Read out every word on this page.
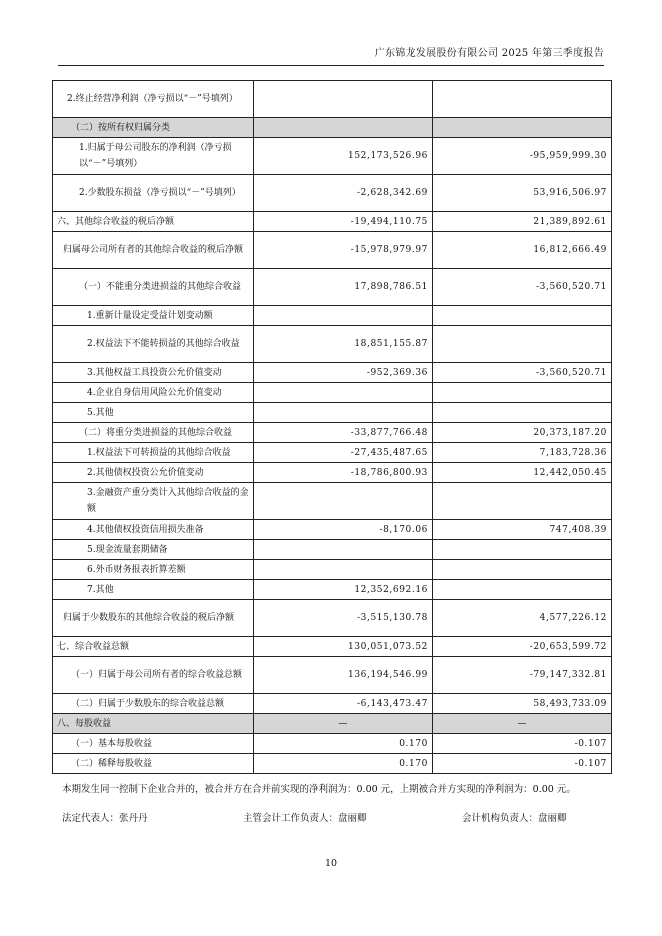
广东锦龙发展股份有限公司 2025 年第三季度报告
2.终止经营净利润（净亏损以“－”号填列）		
（二）按所有权归属分类		
1.归属于母公司股东的净利润（净亏损以“－”号填列）	152,173,526.96	-95,959,999.30
2.少数股东损益（净亏损以“－”号填列）	-2,628,342.69	53,916,506.97
六、其他综合收益的税后净额	-19,494,110.75	21,389,892.61
归属母公司所有者的其他综合收益的税后净额	-15,978,979.97	16,812,666.49
（一）不能重分类进损益的其他综合收益	17,898,786.51	-3,560,520.71
1.重新计量设定受益计划变动额		
2.权益法下不能转损益的其他综合收益	18,851,155.87	
3.其他权益工具投资公允价值变动	-952,369.36	-3,560,520.71
4.企业自身信用风险公允价值变动		
5.其他		
（二）将重分类进损益的其他综合收益	-33,877,766.48	20,373,187.20
1.权益法下可转损益的其他综合收益	-27,435,487.65	7,183,728.36
2.其他债权投资公允价值变动	-18,786,800.93	12,442,050.45
3.金融资产重分类计入其他综合收益的金额		
4.其他债权投资信用损失准备	-8,170.06	747,408.39
5.现金流量套期储备		
6.外币财务报表折算差额		
7.其他	12,352,692.16	
归属于少数股东的其他综合收益的税后净额	-3,515,130.78	4,577,226.12
七、综合收益总额	130,051,073.52	-20,653,599.72
（一）归属于母公司所有者的综合收益总额	136,194,546.99	-79,147,332.81
（二）归属于少数股东的综合收益总额	-6,143,473.47	58,493,733.09
八、每股收益	—	—
（一）基本每股收益	0.170	-0.107
（二）稀释每股收益	0.170	-0.107
本期发生同一控制下企业合并的，被合并方在合并前实现的净利润为：0.00 元，上期被合并方实现的净利润为：0.00 元。
法定代表人：张丹丹	主管会计工作负责人：盘丽卿	会计机构负责人：盘丽卿
10
